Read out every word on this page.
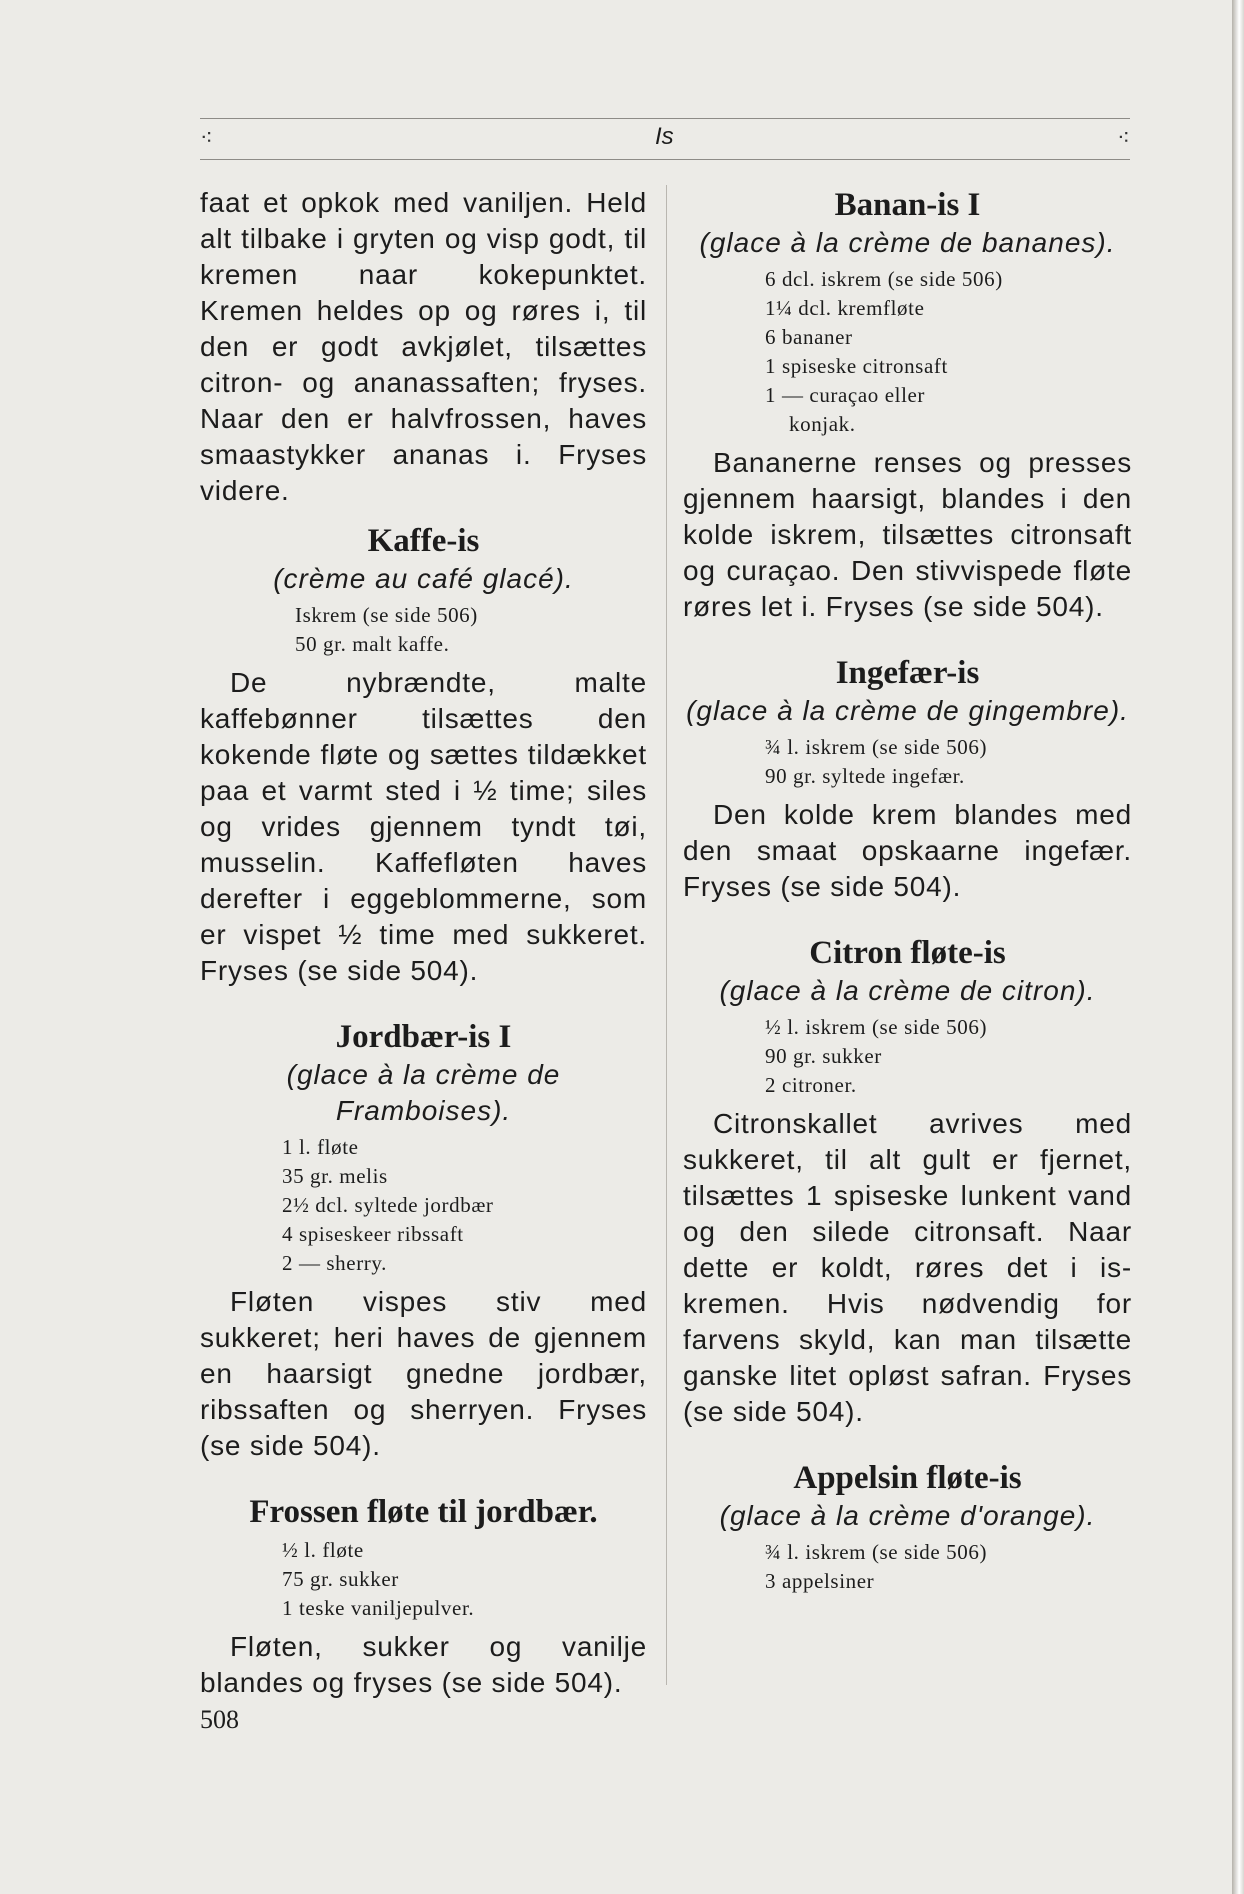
⁖	Is	⁖

faat et opkok med vaniljen. Held alt tilbake i gryten og visp godt, til kremen naar kokepunktet. Kremen heldes op og røres i, til den er godt avkjølet, tilsættes citron- og ananassaften; fryses. Naar den er halvfrossen, haves smaastykker ananas i. Fryses videre.

Kaffe-is

(crème au café glacé).

Iskrem (se side 506)
50 gr. malt kaffe.

De nybrændte, malte kaffebønner tilsættes den kokende fløte og sættes tildækket paa et varmt sted i ½ time; siles og vrides gjennem tyndt tøi, musselin. Kaffefløten haves derefter i eggeblommerne, som er vispet ½ time med sukkeret. Fryses (se side 504).

Jordbær-is I

(glace à la crème de Framboises).

1 l. fløte
35 gr. melis
2½ dcl. syltede jordbær
4 spiseskeer ribssaft
2 — sherry.

Fløten vispes stiv med sukkeret; heri haves de gjennem en haarsigt gnedne jordbær, ribssaften og sherryen. Fryses (se side 504).

Frossen fløte til jordbær.
½ l. fløte
75 gr. sukker
1 teske vaniljepulver.

Fløten, sukker og vanilje blandes og fryses (se side 504).

Banan-is I

(glace à la crème de bananes).

6 dcl. iskrem (se side 506)
1¼ dcl. kremfløte
6 bananer
1 spiseske citronsaft
1 — curaçao eller
konjak.

Bananerne renses og presses gjennem haarsigt, blandes i den kolde iskrem, tilsættes citronsaft og curaçao. Den stivvispede fløte røres let i. Fryses (se side 504).

Ingefær-is

(glace à la crème de gingembre).

¾ l. iskrem (se side 506)
90 gr. syltede ingefær.

Den kolde krem blandes med den smaat opskaarne ingefær. Fryses (se side 504).

Citron fløte-is

(glace à la crème de citron).

½ l. iskrem (se side 506)
90 gr. sukker
2 citroner.

Citronskallet avrives med sukkeret, til alt gult er fjernet, tilsættes 1 spiseske lunkent vand og den silede citronsaft. Naar dette er koldt, røres det i is-kremen. Hvis nødvendig for farvens skyld, kan man tilsætte ganske litet opløst safran. Fryses (se side 504).

Appelsin fløte-is

(glace à la crème d'orange).

¾ l. iskrem (se side 506)
3 appelsiner
508
